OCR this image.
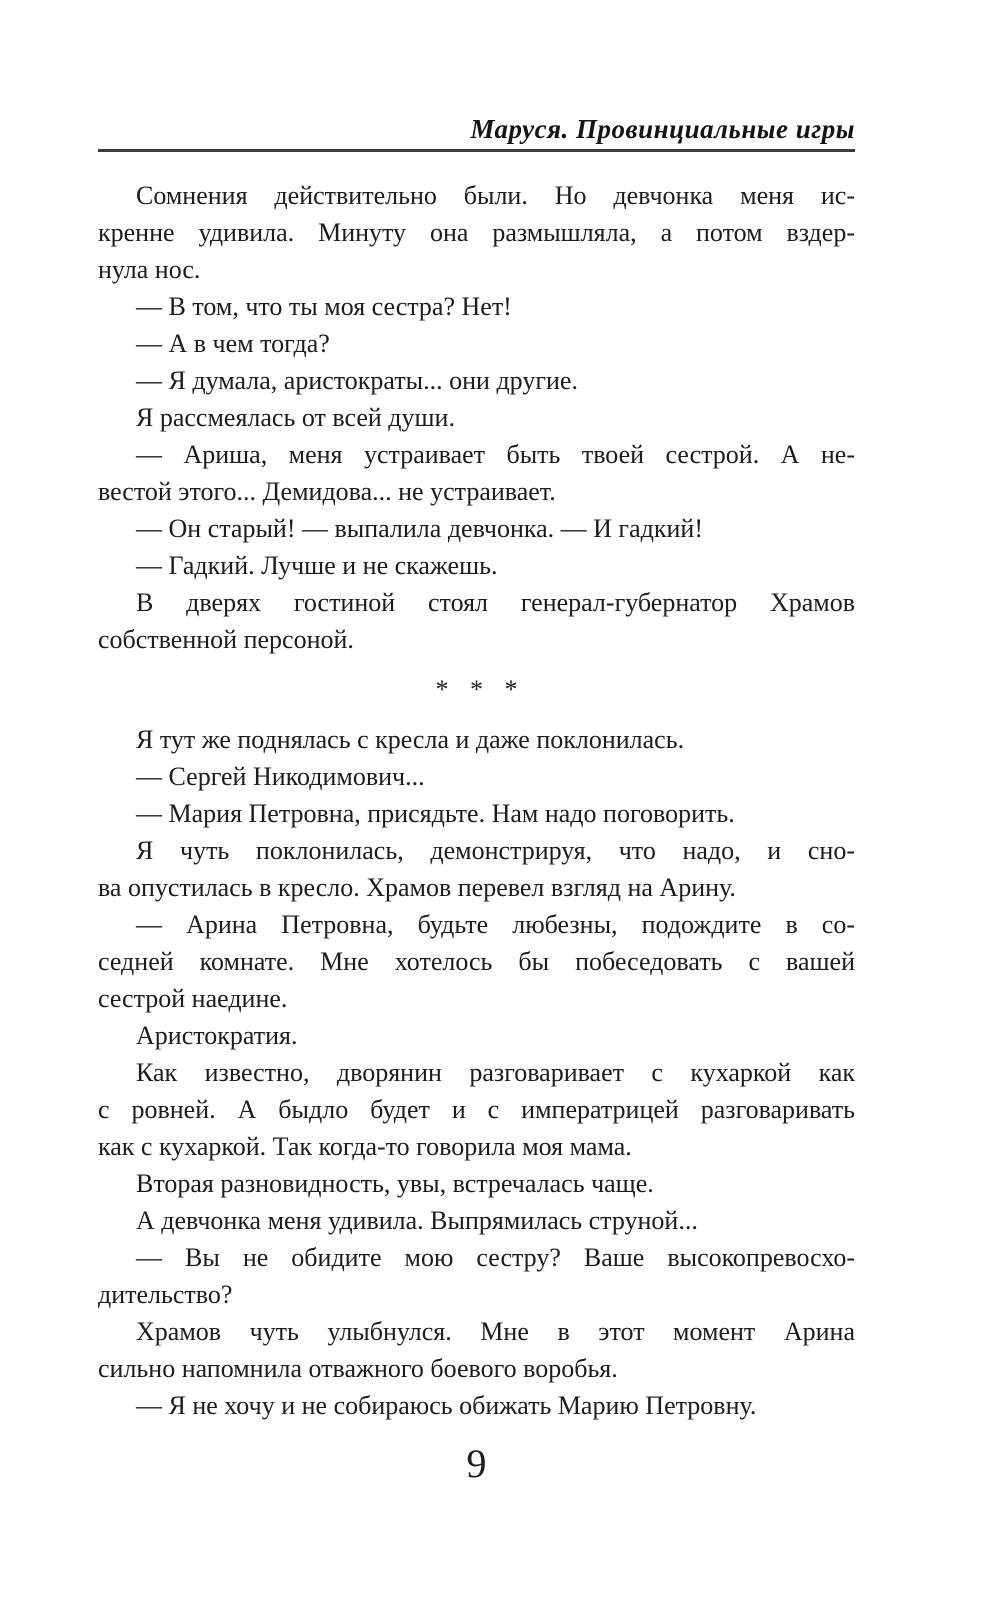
Маруся. Провинциальные игры
Сомнения действительно были. Но девчонка меня ис-
кренне удивила. Минуту она размышляла, а потом вздер-
нула нос.
— В том, что ты моя сестра? Нет!
— А в чем тогда?
— Я думала, аристократы... они другие.
Я рассмеялась от всей души.
— Ариша, меня устраивает быть твоей сестрой. А не-
вестой этого... Демидова... не устраивает.
— Он старый! — выпалила девчонка. — И гадкий!
— Гадкий. Лучше и не скажешь.
В дверях гостиной стоял генерал-губернатор Храмов
собственной персоной.
* * *
Я тут же поднялась с кресла и даже поклонилась.
— Сергей Никодимович...
— Мария Петровна, присядьте. Нам надо поговорить.
Я чуть поклонилась, демонстрируя, что надо, и сно-
ва опустилась в кресло. Храмов перевел взгляд на Арину.
— Арина Петровна, будьте любезны, подождите в со-
седней комнате. Мне хотелось бы побеседовать с вашей
сестрой наедине.
Аристократия.
Как известно, дворянин разговаривает с кухаркой как
с ровней. А быдло будет и с императрицей разговаривать
как с кухаркой. Так когда-то говорила моя мама.
Вторая разновидность, увы, встречалась чаще.
А девчонка меня удивила. Выпрямилась струной...
— Вы не обидите мою сестру? Ваше высокопревосхо-
дительство?
Храмов чуть улыбнулся. Мне в этот момент Арина
сильно напомнила отважного боевого воробья.
— Я не хочу и не собираюсь обижать Марию Петровну.
9
